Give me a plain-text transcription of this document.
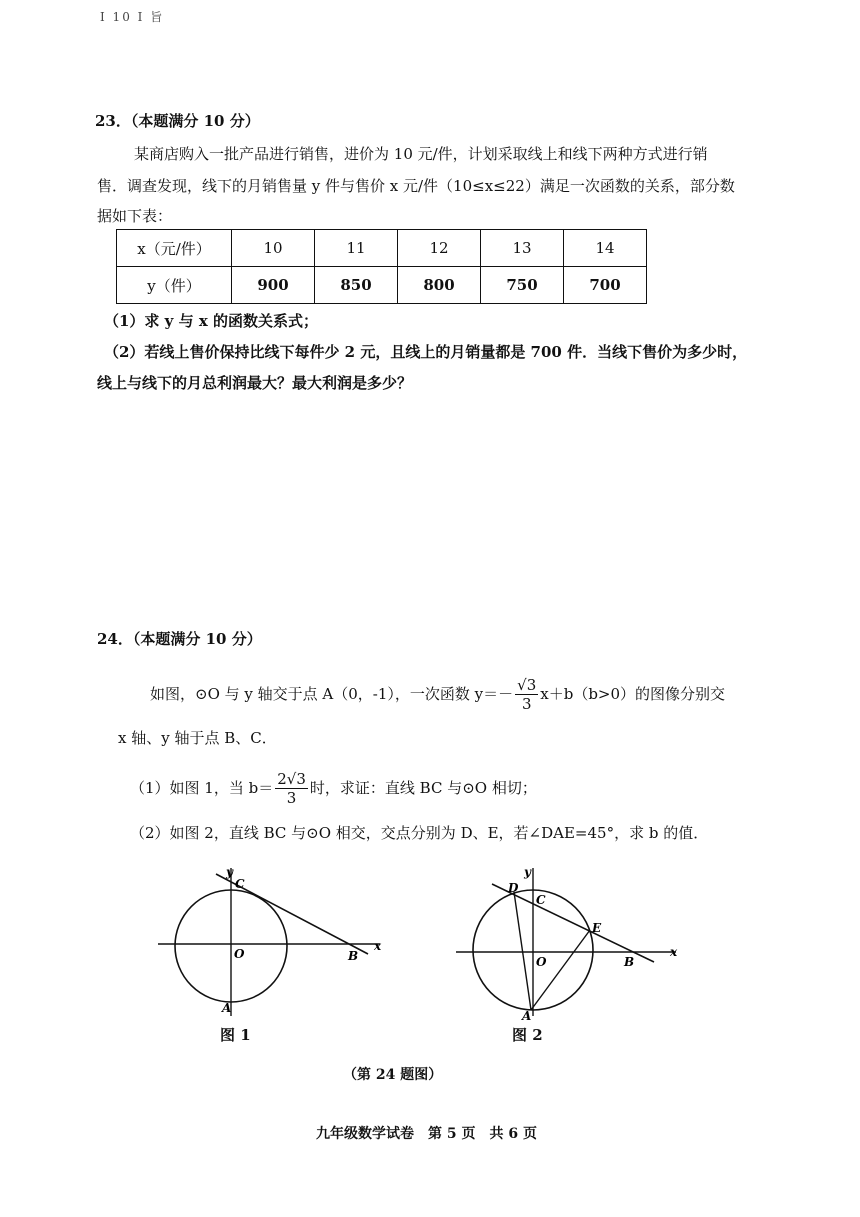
Ⅰ 10 Ⅰ 旨
23．（本题满分 10 分）
某商店购入一批产品进行销售，进价为 10 元/件，计划采取线上和线下两种方式进行销
售．调查发现，线下的月销售量 y 件与售价 x 元/件（10≤x≤22）满足一次函数的关系，部分数
据如下表：
x（元/件）	10	11	12	13	14
y（件）	900	850	800	750	700
（1）求 y 与 x 的函数关系式；
（2）若线上售价保持比线下每件少 2 元，且线上的月销量都是 700 件．当线下售价为多少时，
线上与线下的月总利润最大？最大利润是多少？
24．（本题满分 10 分）
如图，⊙O 与 y 轴交于点 A（0，-1），一次函数 $y=- \frac{√3}{3} x+b(b>0)$的图像分别交
x 轴、y 轴于点 B、C．
（1）如图 1，当 $b= \frac{2√3}{3}$ 时，求证：直线 BC 与⊙O 相切；
（2）如图 2，直线 BC 与⊙O 相交，交点分别为 D、E，若∠DAE=45°，求 b 的值．
y
x
C
O	B
A
图 1
y
x
D
C
E
O	B
A
图 2
（第 24 题图）
九年级数学试卷　第 5 页　共 6 页
